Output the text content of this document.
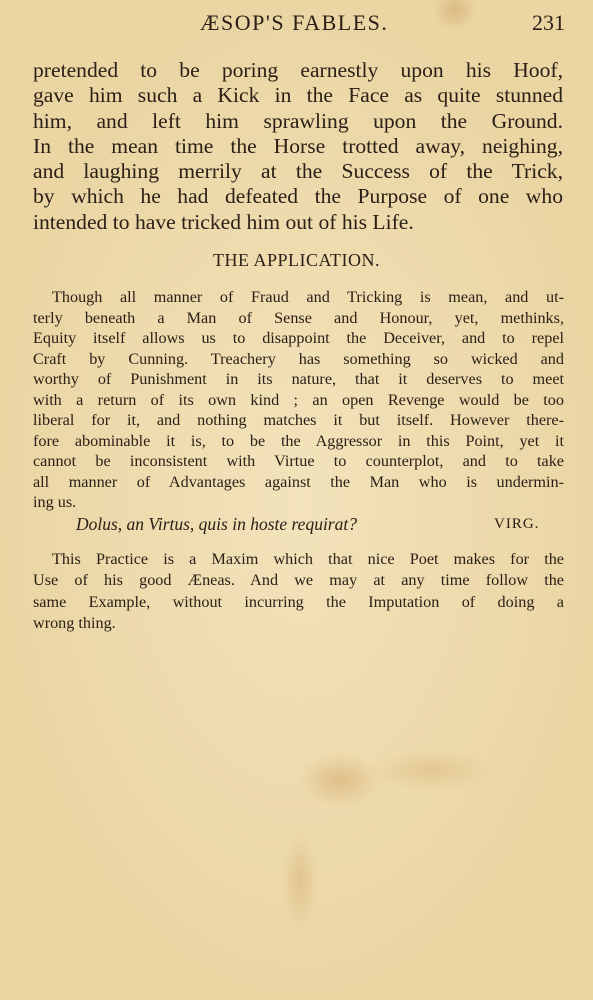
ÆSOP'S FABLES.	231

pretended to be poring earnestly upon his Hoof,

gave him such a Kick in the Face as quite stunned

him, and left him sprawling upon the Ground.

In the mean time the Horse trotted away, neighing,

and laughing merrily at the Success of the Trick,

by which he had defeated the Purpose of one who

intended to have tricked him out of his Life.

THE APPLICATION.

Though all manner of Fraud and Tricking is mean, and ut-

terly beneath a Man of Sense and Honour, yet, methinks,

Equity itself allows us to disappoint the Deceiver, and to repel

Craft by Cunning. Treachery has something so wicked and

worthy of Punishment in its nature, that it deserves to meet

with a return of its own kind ; an open Revenge would be too

liberal for it, and nothing matches it but itself. However there-

fore abominable it is, to be the Aggressor in this Point, yet it

cannot be inconsistent with Virtue to counterplot, and to take

all manner of Advantages against the Man who is undermin-

ing us.

Dolus, an Virtus, quis in hoste requirat?	VIRG.

This Practice is a Maxim which that nice Poet makes for the

Use of his good Æneas. And we may at any time follow the

same Example, without incurring the Imputation of doing a

wrong thing.
